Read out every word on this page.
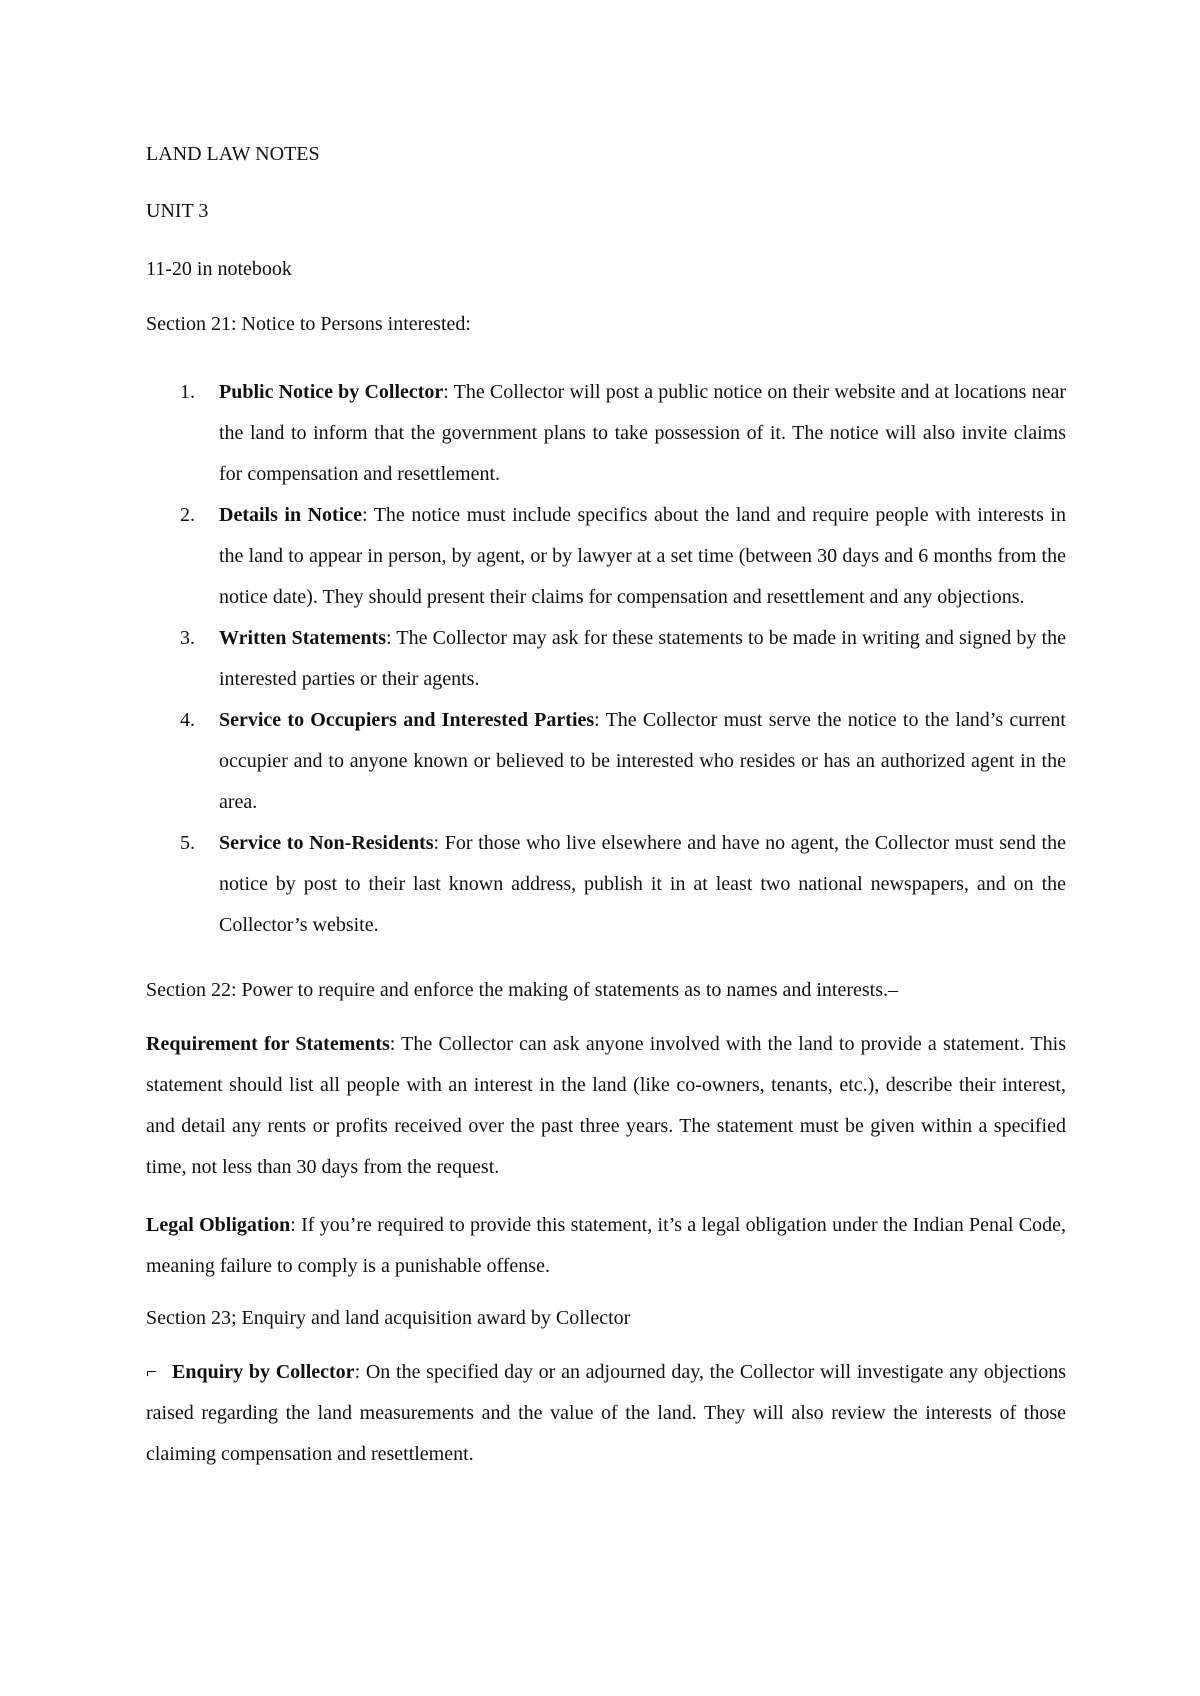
LAND LAW NOTES

UNIT 3

11-20 in notebook

Section 21: Notice to Persons interested:

1. Public Notice by Collector: The Collector will post a public notice on their website and at locations near the land to inform that the government plans to take possession of it. The notice will also invite claims for compensation and resettlement.
2. Details in Notice: The notice must include specifics about the land and require people with interests in the land to appear in person, by agent, or by lawyer at a set time (between 30 days and 6 months from the notice date). They should present their claims for compensation and resettlement and any objections.
3. Written Statements: The Collector may ask for these statements to be made in writing and signed by the interested parties or their agents.
4. Service to Occupiers and Interested Parties: The Collector must serve the notice to the land’s current occupier and to anyone known or believed to be interested who resides or has an authorized agent in the area.
5. Service to Non-Residents: For those who live elsewhere and have no agent, the Collector must send the notice by post to their last known address, publish it in at least two national newspapers, and on the Collector’s website.

Section 22: Power to require and enforce the making of statements as to names and interests.–

Requirement for Statements: The Collector can ask anyone involved with the land to provide a statement. This statement should list all people with an interest in the land (like co-owners, tenants, etc.), describe their interest, and detail any rents or profits received over the past three years. The statement must be given within a specified time, not less than 30 days from the request.

Legal Obligation: If you’re required to provide this statement, it’s a legal obligation under the Indian Penal Code, meaning failure to comply is a punishable offense.

Section 23; Enquiry and land acquisition award by Collector

⌐ Enquiry by Collector: On the specified day or an adjourned day, the Collector will investigate any objections raised regarding the land measurements and the value of the land. They will also review the interests of those claiming compensation and resettlement.
